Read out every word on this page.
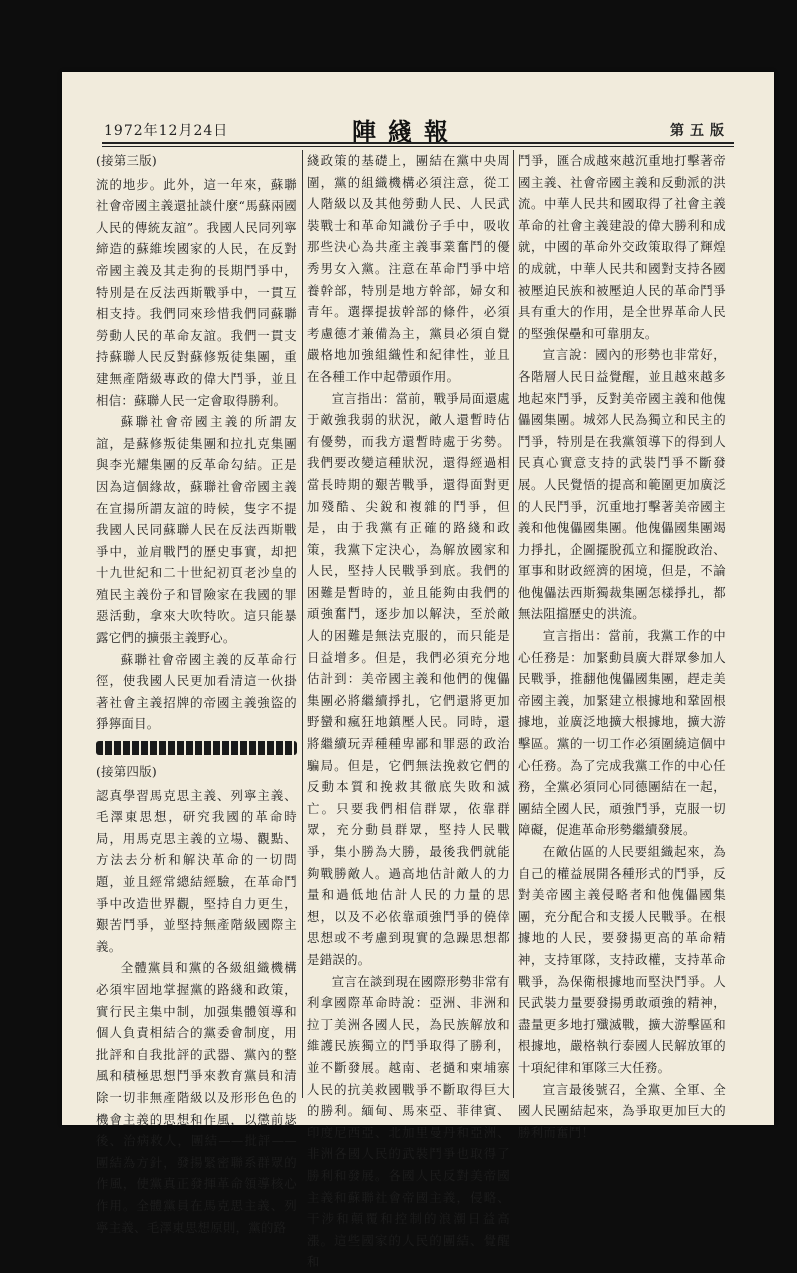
1972年12月24日	陣綫報	第五版
(接第三版)

流的地步。此外，這一年來，蘇聯社會帝國主義還扯談什麼“馬蘇兩國人民的傳統友誼”。我國人民同列寧締造的蘇維埃國家的人民，在反對帝國主義及其走狗的長期鬥爭中，特別是在反法西斯戰爭中，一貫互相支持。我們同來珍惜我們同蘇聯勞動人民的革命友誼。我們一貫支持蘇聯人民反對蘇修叛徒集團，重建無產階級專政的偉大鬥爭，並且相信：蘇聯人民一定會取得勝利。

蘇聯社會帝國主義的所謂友誼，是蘇修叛徒集團和拉扎克集團與李光耀集團的反革命勾結。正是因為這個緣故，蘇聯社會帝國主義在宣揚所謂友誼的時候，隻字不提我國人民同蘇聯人民在反法西斯戰爭中，並肩戰鬥的歷史事實，却把十九世紀和二十世紀初頁老沙皇的殖民主義份子和冒險家在我國的罪惡活動，拿來大吹特吹。這只能暴露它們的擴張主義野心。

蘇聯社會帝國主義的反革命行徑，使我國人民更加看清這一伙掛著社會主義招牌的帝國主義強盜的猙獰面目。

(接第四版)

認真學習馬克思主義、列寧主義、毛澤東思想，研究我國的革命時局，用馬克思主義的立場、觀點、方法去分析和解決革命的一切問題，並且經常總結經驗，在革命鬥爭中改造世界觀，堅持自力更生，艱苦鬥爭，並堅持無產階級國際主義。

全體黨員和黨的各級組織機構必須牢固地掌握黨的路綫和政策，實行民主集中制，加强集體領導和個人負責相結合的黨委會制度，用批評和自我批評的武器、黨內的整風和積極思想鬥爭來教育黨員和清除一切非無產階級以及形形色色的機會主義的思想和作風，以懲前毖後、治病救人，團結——批評——團結為方針，發揚緊密聯系群眾的作風，使黨真正發揮革命領導核心作用。全體黨員在馬克思主義、列寧主義、毛澤東思想原則，黨的路

綫政策的基礎上，團結在黨中央周圍，黨的組織機構必須注意，從工人階級以及其他勞動人民、人民武裝戰士和革命知識份子手中，吸收那些決心為共產主義事業奮鬥的優秀男女入黨。注意在革命鬥爭中培養幹部，特別是地方幹部，婦女和青年。選擇提拔幹部的條件，必須考慮德才兼備為主，黨員必須自覺嚴格地加強組織性和紀律性，並且在各種工作中起帶頭作用。

宣言指出：當前，戰爭局面還處于敵強我弱的狀況，敵人還暫時佔有優勢，而我方還暫時處于劣勢。我們要改變這種狀況，還得經過相當長時期的艱苦戰爭，還得面對更加殘酷、尖銳和複雜的鬥爭，但是，由于我黨有正確的路綫和政策，我黨下定決心，為解放國家和人民，堅持人民戰爭到底。我們的困難是暫時的，並且能夠由我們的頑強奮鬥，逐步加以解決，至於敵人的困難是無法克服的，而只能是日益增多。但是，我們必須充分地估計到：美帝國主義和他們的傀儡集團必將繼續掙扎，它們還將更加野蠻和瘋狂地鎮壓人民。同時，還將繼續玩弄種種卑鄙和罪惡的政治騙局。但是，它們無法挽救它們的反動本質和挽救其徹底失敗和滅亡。只要我們相信群眾，依靠群眾，充分動員群眾，堅持人民戰爭，集小勝為大勝，最後我們就能夠戰勝敵人。過高地估計敵人的力量和過低地估計人民的力量的思想，以及不必依靠頑強鬥爭的僥倖思想或不考慮到現實的急躁思想都是錯誤的。

宣言在談到現在國際形勢非常有利拿國際革命時說：亞洲、非洲和拉丁美洲各國人民，為民族解放和維護民族獨立的鬥爭取得了勝利，並不斷發展。越南、老撾和柬埔寨人民的抗美救國戰爭不斷取得巨大的勝利。緬甸、馬來亞、菲律賓、印度尼西亞、北加里曼丹和亞洲、非洲各國人民的武裝鬥爭也取得了勝利和發展。各國人民反對美帝國主義和蘇聯社會帝國主義，侵略、干涉和顛覆和控制的浪潮日益高漲。這些國家的人民的團結、覺醒和

鬥爭，匯合成越來越沉重地打擊著帝國主義、社會帝國主義和反動派的洪流。中華人民共和國取得了社會主義革命的社會主義建設的偉大勝利和成就，中國的革命外交政策取得了輝煌的成就，中華人民共和國對支持各國被壓迫民族和被壓迫人民的革命鬥爭具有重大的作用，是全世界革命人民的堅強保壘和可靠朋友。

宣言說：國內的形勢也非常好，各階層人民日益覺醒，並且越來越多地起來鬥爭，反對美帝國主義和他傀儡國集團。城郊人民為獨立和民主的鬥爭，特別是在我黨領導下的得到人民真心實意支持的武裝鬥爭不斷發展。人民覺悟的提高和範圍更加廣泛的人民鬥爭，沉重地打擊著美帝國主義和他傀儡國集團。他傀儡國集團竭力掙扎，企圖擺脫孤立和擺脫政治、軍事和財政經濟的困境，但是，不論他傀儡法西斯獨裁集團怎樣掙扎，都無法阻擋歷史的洪流。

宣言指出：當前，我黨工作的中心任務是：加緊動員廣大群眾參加人民戰爭，推翻他傀儡國集團，趕走美帝國主義，加緊建立根據地和鞏固根據地，並廣泛地擴大根據地，擴大游擊區。黨的一切工作必須圍繞這個中心任務。為了完成我黨工作的中心任務，全黨必須同心同德團結在一起，團結全國人民，頑強鬥爭，克服一切障礙，促進革命形勢繼續發展。

在敵佔區的人民要組織起來，為自己的權益展開各種形式的鬥爭，反對美帝國主義侵略者和他傀儡國集團，充分配合和支援人民戰爭。在根據地的人民，要發揚更高的革命精神，支持軍隊，支持政權，支持革命戰爭，為保衛根據地而堅決鬥爭。人民武裝力量要發揚勇敢頑強的精神，盡量更多地打殲滅戰，擴大游擊區和根據地，嚴格執行泰國人民解放軍的十項紀律和軍隊三大任務。

宣言最後號召，全黨、全軍、全國人民團結起來，為爭取更加巨大的勝利而奮鬥！
